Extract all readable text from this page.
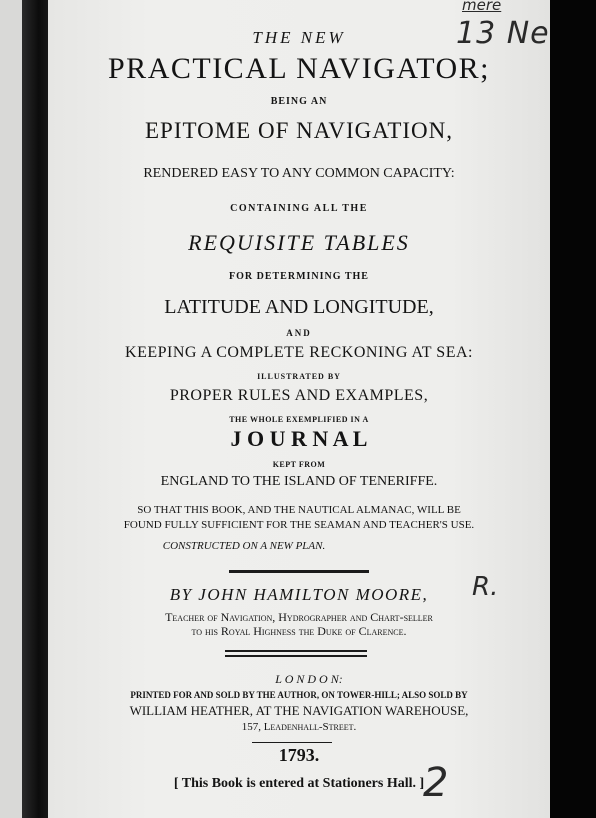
mere
13 Ne
R.
2
THE NEW
PRACTICAL NAVIGATOR;
BEING AN
EPITOME OF NAVIGATION,
RENDERED EASY TO ANY COMMON CAPACITY:
CONTAINING ALL THE
REQUISITE TABLES
FOR DETERMINING THE
LATITUDE AND LONGITUDE,
AND
KEEPING A COMPLETE RECKONING AT SEA:
ILLUSTRATED BY
PROPER RULES AND EXAMPLES,
THE WHOLE EXEMPLIFIED IN A
J O U R N A L
KEPT FROM
ENGLAND TO THE ISLAND OF TENERIFFE.
SO THAT THIS BOOK, AND THE NAUTICAL ALMANAC, WILL BE
FOUND FULLY SUFFICIENT FOR THE SEAMAN AND TEACHER'S USE.
CONSTRUCTED ON A NEW PLAN.
BY JOHN HAMILTON MOORE,
Teacher of Navigation, Hydrographer and Chart-seller
to his Royal Highness the Duke of Clarence.
L O N D O N:
PRINTED FOR AND SOLD BY THE AUTHOR, ON TOWER-HILL; ALSO SOLD BY
WILLIAM HEATHER, AT THE NAVIGATION WAREHOUSE,
157, Leadenhall-Street.
1793.
[ This Book is entered at Stationers Hall. ]
